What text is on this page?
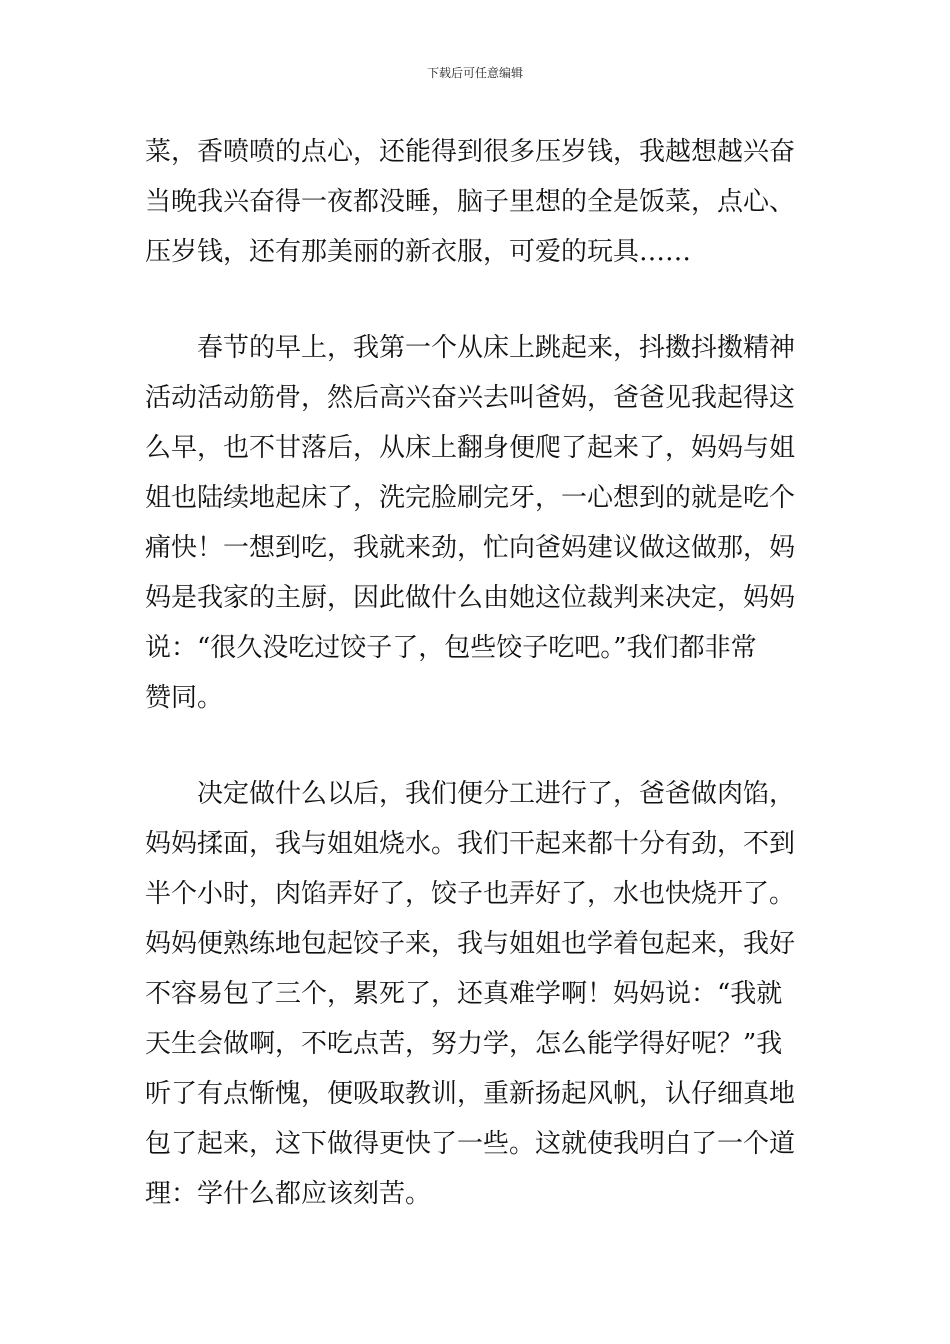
下载后可任意编辑
菜，香喷喷的点心，还能得到很多压岁钱，我越想越兴奋
当晚我兴奋得一夜都没睡，脑子里想的全是饭菜，点心、
压岁钱，还有那美丽的新衣服，可爱的玩具……
春节的早上，我第一个从床上跳起来，抖擞抖擞精神
活动活动筋骨，然后高兴奋兴去叫爸妈，爸爸见我起得这
么早，也不甘落后，从床上翻身便爬了起来了，妈妈与姐
姐也陆续地起床了，洗完脸刷完牙，一心想到的就是吃个
痛快！一想到吃，我就来劲，忙向爸妈建议做这做那，妈
妈是我家的主厨，因此做什么由她这位裁判来决定，妈妈
说：“很久没吃过饺子了，包些饺子吃吧。”我们都非常
赞同。
决定做什么以后，我们便分工进行了，爸爸做肉馅，
妈妈揉面，我与姐姐烧水。我们干起来都十分有劲，不到
半个小时，肉馅弄好了，饺子也弄好了，水也快烧开了。
妈妈便熟练地包起饺子来，我与姐姐也学着包起来，我好
不容易包了三个，累死了，还真难学啊！妈妈说：“我就
天生会做啊，不吃点苦，努力学，怎么能学得好呢？”我
听了有点惭愧，便吸取教训，重新扬起风帆，认仔细真地
包了起来，这下做得更快了一些。这就使我明白了一个道
理：学什么都应该刻苦。
